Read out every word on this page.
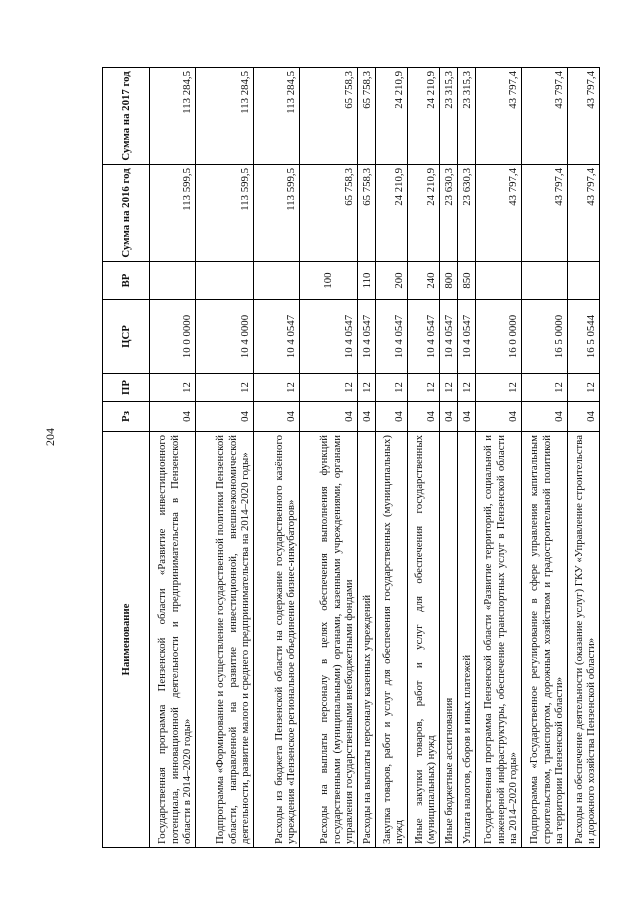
204
Наименование	Рз	ПР	ЦСР	ВР	Сумма на 2016 год	Сумма на 2017 год
Государственная программа Пензенской области «Развитие инвестиционного потенциала, инновационной деятельности и предпринимательства в Пензенской области в 2014–2020 годы»	04	12	10 0 0000		113 599,5	113 284,5
Подпрограмма «Формирование и осуществление государственной политики Пензенской области, направленной на развитие инвестиционной, внешнеэкономической деятельности, развитие малого и среднего предпринимательства на 2014–2020 годы»	04	12	10 4 0000		113 599,5	113 284,5
Расходы из бюджета Пензенской области на содержание государственного казённого учреждения «Пензенское региональное объединение бизнес-инкубаторов»	04	12	10 4 0547		113 599,5	113 284,5
Расходы на выплаты персоналу в целях обеспечения выполнения функций государственными (муниципальными) органами, казенными учреждениями, органами управления государственными внебюджетными фондами	04	12	10 4 0547	100	65 758,3	65 758,3
Расходы на выплаты персоналу казенных учреждений	04	12	10 4 0547	110	65 758,3	65 758,3
Закупка товаров, работ и услуг для обеспечения государственных (муниципальных) нужд	04	12	10 4 0547	200	24 210,9	24 210,9
Иные закупки товаров, работ и услуг для обеспечения государственных (муниципальных) нужд	04	12	10 4 0547	240	24 210,9	24 210,9
Иные бюджетные ассигнования	04	12	10 4 0547	800	23 630,3	23 315,3
Уплата налогов, сборов и иных платежей	04	12	10 4 0547	850	23 630,3	23 315,3
Государственная программа Пензенской области «Развитие территорий, социальной и инженерной инфраструктуры, обеспечение транспортных услуг в Пензенской области на 2014–2020 годы»	04	12	16 0 0000		43 797,4	43 797,4
Подпрограмма «Государственное регулирование в сфере управления капитальным строительством, транспортом, дорожным хозяйством и градостроительной политикой на территории Пензенской области»	04	12	16 5 0000		43 797,4	43 797,4
Расходы на обеспечение деятельности (оказание услуг) ГКУ «Управление строительства и дорожного хозяйства Пензенской области»	04	12	16 5 0544		43 797,4	43 797,4
